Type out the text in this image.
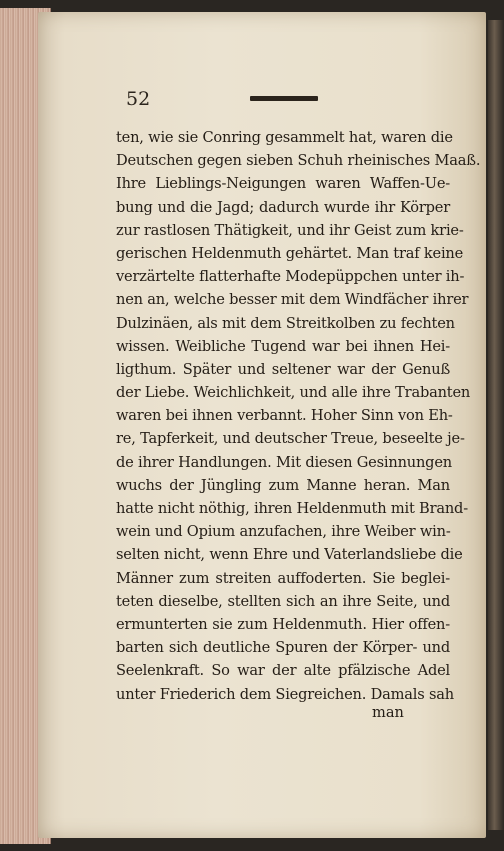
52
ten, wie sie Conring gesammelt hat, waren die
Deutschen gegen sieben Schuh rheinisches Maaß.
Ihre Lieblings-Neigungen waren Waffen-Ue-
bung und die Jagd; dadurch wurde ihr Körper
zur rastlosen Thätigkeit, und ihr Geist zum krie-
gerischen Heldenmuth gehärtet. Man traf keine
verzärtelte flatterhafte Modepüppchen unter ih-
nen an, welche besser mit dem Windfächer ihrer
Dulzinäen, als mit dem Streitkolben zu fechten
wissen. Weibliche Tugend war bei ihnen Hei-
ligthum. Später und seltener war der Genuß
der Liebe. Weichlichkeit, und alle ihre Trabanten
waren bei ihnen verbannt. Hoher Sinn von Eh-
re, Tapferkeit, und deutscher Treue, beseelte je-
de ihrer Handlungen. Mit diesen Gesinnungen
wuchs der Jüngling zum Manne heran. Man
hatte nicht nöthig, ihren Heldenmuth mit Brand-
wein und Opium anzufachen, ihre Weiber win-
selten nicht, wenn Ehre und Vaterlandsliebe die
Männer zum streiten auffoderten. Sie beglei-
teten dieselbe, stellten sich an ihre Seite, und
ermunterten sie zum Heldenmuth. Hier offen-
barten sich deutliche Spuren der Körper- und
Seelenkraft. So war der alte pfälzische Adel
unter Friederich dem Siegreichen. Damals sah
man
